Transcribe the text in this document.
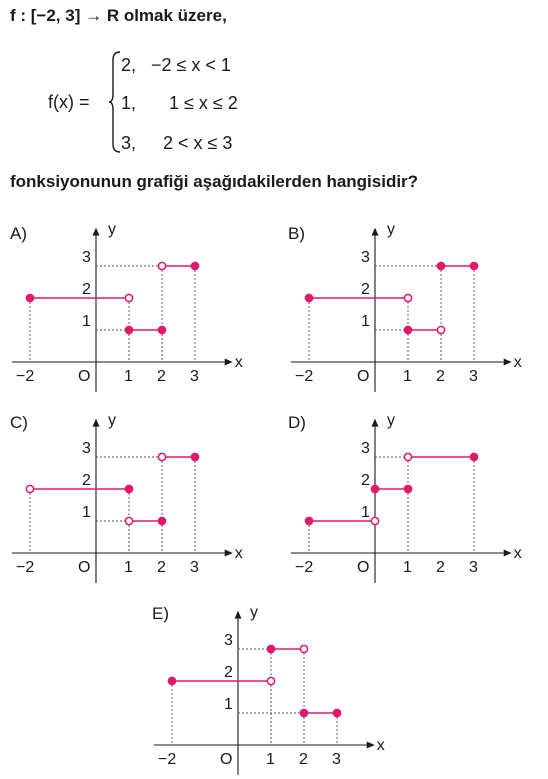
f : [−2, 3] → R olmak üzere,
f(x) =
2, −2 ≤ x < 1
1, 1 ≤ x ≤ 2
3, 2 < x ≤ 3
fonksiyonunun grafiği aşağıdakilerden hangisidir?
A)	y
x
O
−2	1 2 3
1
2
3
B)	y
x
O
−2	1 2 3
1
2
3
C)	y
x
O
−2	1 2 3
1
2
3
D)	y
x
O
−2	1 2 3
1
2
3
E)	y
x
O
−2	1 2 3
1
2
3
